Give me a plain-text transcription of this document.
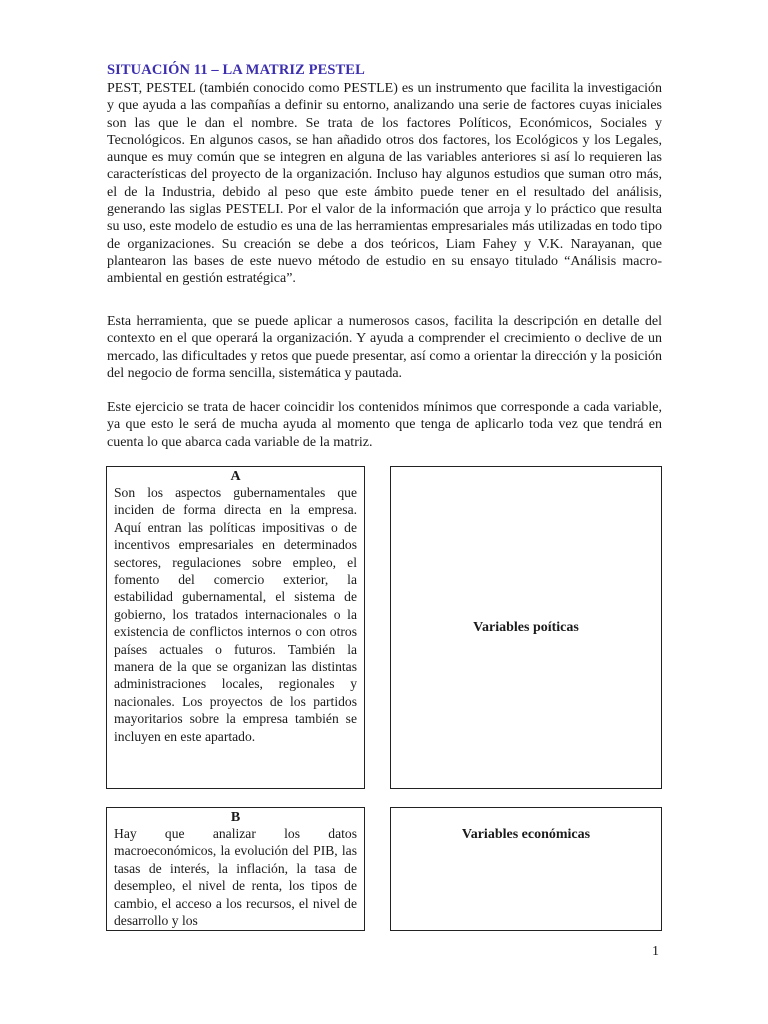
SITUACIÓN 11 – LA MATRIZ PESTEL

PEST, PESTEL (también conocido como PESTLE) es un instrumento que facilita la investigación y que ayuda a las compañías a definir su entorno, analizando una serie de factores cuyas iniciales son las que le dan el nombre. Se trata de los factores Políticos, Económicos, Sociales y Tecnológicos. En algunos casos, se han añadido otros dos factores, los Ecológicos y los Legales, aunque es muy común que se integren en alguna de las variables anteriores si así lo requieren las características del proyecto de la organización. Incluso hay algunos estudios que suman otro más, el de la Industria, debido al peso que este ámbito puede tener en el resultado del análisis, generando las siglas PESTELI. Por el valor de la información que arroja y lo práctico que resulta su uso, este modelo de estudio es una de las herramientas empresariales más utilizadas en todo tipo de organizaciones. Su creación se debe a dos teóricos, Liam Fahey y V.K. Narayanan, que plantearon las bases de este nuevo método de estudio en su ensayo titulado “Análisis macro-ambiental en gestión estratégica”.

Esta herramienta, que se puede aplicar a numerosos casos, facilita la descripción en detalle del contexto en el que operará la organización. Y ayuda a comprender el crecimiento o declive de un mercado, las dificultades y retos que puede presentar, así como a orientar la dirección y la posición del negocio de forma sencilla, sistemática y pautada.

Este ejercicio se trata de hacer coincidir los contenidos mínimos que corresponde a cada variable, ya que esto le será de mucha ayuda al momento que tenga de aplicarlo toda vez que tendrá en cuenta lo que abarca cada variable de la matriz.

A

Son los aspectos gubernamentales que inciden de forma directa en la empresa. Aquí entran las políticas impositivas o de incentivos empresariales en determinados sectores, regulaciones sobre empleo, el fomento del comercio exterior, la estabilidad gubernamental, el sistema de gobierno, los tratados internacionales o la existencia de conflictos internos o con otros países actuales o futuros. También la manera de la que se organizan las distintas administraciones locales, regionales y nacionales. Los proyectos de los partidos mayoritarios sobre la empresa también se incluyen en este apartado.

Variables poíticas
B

Hay que analizar los datos macroeconómicos, la evolución del PIB, las tasas de interés, la inflación, la tasa de desempleo, el nivel de renta, los tipos de cambio, el acceso a los recursos, el nivel de desarrollo y los

Variables económicas
1
